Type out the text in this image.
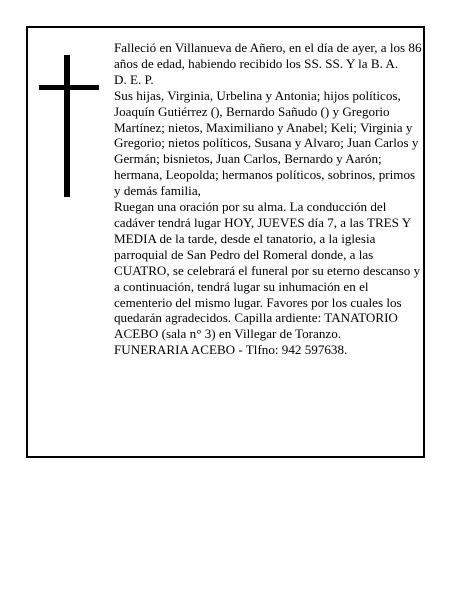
Falleció en Villanueva de Añero, en el día de ayer, a los 86 años de edad, habiendo recibido los SS. SS. Y la B. A.

D. E. P.

Sus hijas, Virginia, Urbelina y Antonia; hijos políticos, Joaquín Gutiérrez (), Bernardo Sañudo () y Gregorio Martínez; nietos, Maximiliano y Anabel; Keli; Virginia y Gregorio; nietos políticos, Susana y Alvaro; Juan Carlos y Germán; bisnietos, Juan Carlos, Bernardo y Aarón; hermana, Leopolda; hermanos políticos, sobrinos, primos y demás familia,

Ruegan una oración por su alma. La conducción del cadáver tendrá lugar HOY, JUEVES día 7, a las TRES Y MEDIA de la tarde, desde el tanatorio, a la iglesia parroquial de San Pedro del Romeral donde, a las CUATRO, se celebrará el funeral por su eterno descanso y a continuación, tendrá lugar su inhumación en el cementerio del mismo lugar. Favores por los cuales los quedarán agradecidos. Capilla ardiente: TANATORIO ACEBO (sala n° 3) en Villegar de Toranzo.

FUNERARIA ACEBO - Tlfno: 942 597638.
